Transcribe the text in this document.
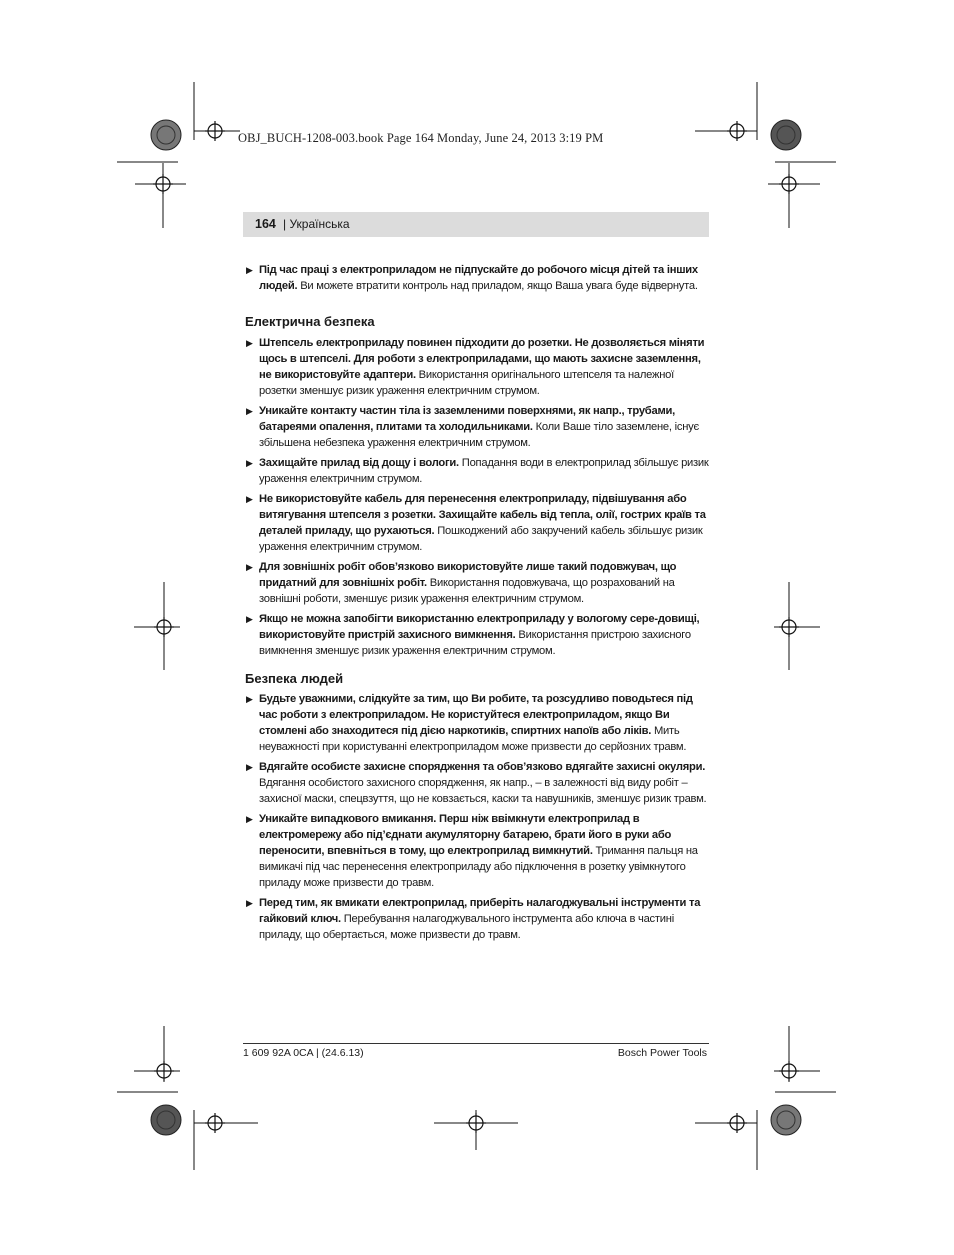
OBJ_BUCH-1208-003.book Page 164 Monday, June 24, 2013 3:19 PM
164 | Українська
▶ Під час праці з електроприладом не підпускайте до робочого місця дітей та інших людей. Ви можете втратити контроль над приладом, якщо Ваша увага буде відвернута.
Електрична безпека
▶ Штепсель електроприладу повинен підходити до розетки. Не дозволяється міняти щось в штепселі. Для роботи з електроприладами, що мають захисне заземлення, не використовуйте адаптери. Використання оригінального штепселя та належної розетки зменшує ризик ураження електричним струмом.
▶ Уникайте контакту частин тіла із заземленими поверхнями, як напр., трубами, батареями опалення, плитами та холодильниками. Коли Ваше тіло заземлене, існує збільшена небезпека ураження електричним струмом.
▶ Захищайте прилад від дощу і вологи. Попадання води в електроприлад збільшує ризик ураження електричним струмом.
▶ Не використовуйте кабель для перенесення електроприладу, підвішування або витягування штепселя з розетки. Захищайте кабель від тепла, олії, гострих країв та деталей приладу, що рухаються. Пошкоджений або закручений кабель збільшує ризик ураження електричним струмом.
▶ Для зовнішніх робіт обов’язково використовуйте лише такий подовжувач, що придатний для зовнішніх робіт. Використання подовжувача, що розрахований на зовнішні роботи, зменшує ризик ураження електричним струмом.
▶ Якщо не можна запобігти використанню електроприладу у вологому сере-довищі, використовуйте пристрій захисного вимкнення. Використання пристрою захисного вимкнення зменшує ризик ураження електричним струмом.
Безпека людей
▶ Будьте уважними, слідкуйте за тим, що Ви робите, та розсудливо поводьтеся під час роботи з електроприладом. Не користуйтеся електроприладом, якщо Ви стомлені або знаходитеся під дією наркотиків, спиртних напоїв або ліків. Мить неуважності при користуванні електроприладом може призвести до серйозних травм.
▶ Вдягайте особисте захисне спорядження та обов’язково вдягайте захисні окуляри. Вдягання особистого захисного спорядження, як напр., – в залежності від виду робіт – захисної маски, спецвзуття, що не ковзається, каски та навушників, зменшує ризик травм.
▶ Уникайте випадкового вмикання. Перш ніж ввімкнути електроприлад в електромережу або під’єднати акумуляторну батарею, брати його в руки або переносити, впевніться в тому, що електроприлад вимкнутий. Тримання пальця на вимикачі під час перенесення електроприладу або підключення в розетку увімкнутого приладу може призвести до травм.
▶ Перед тим, як вмикати електроприлад, приберіть налагоджувальні інструменти та гайковий ключ. Перебування налагоджувального інструмента або ключа в частині приладу, що обертається, може призвести до травм.
1 609 92A 0CA | (24.6.13)	Bosch Power Tools
